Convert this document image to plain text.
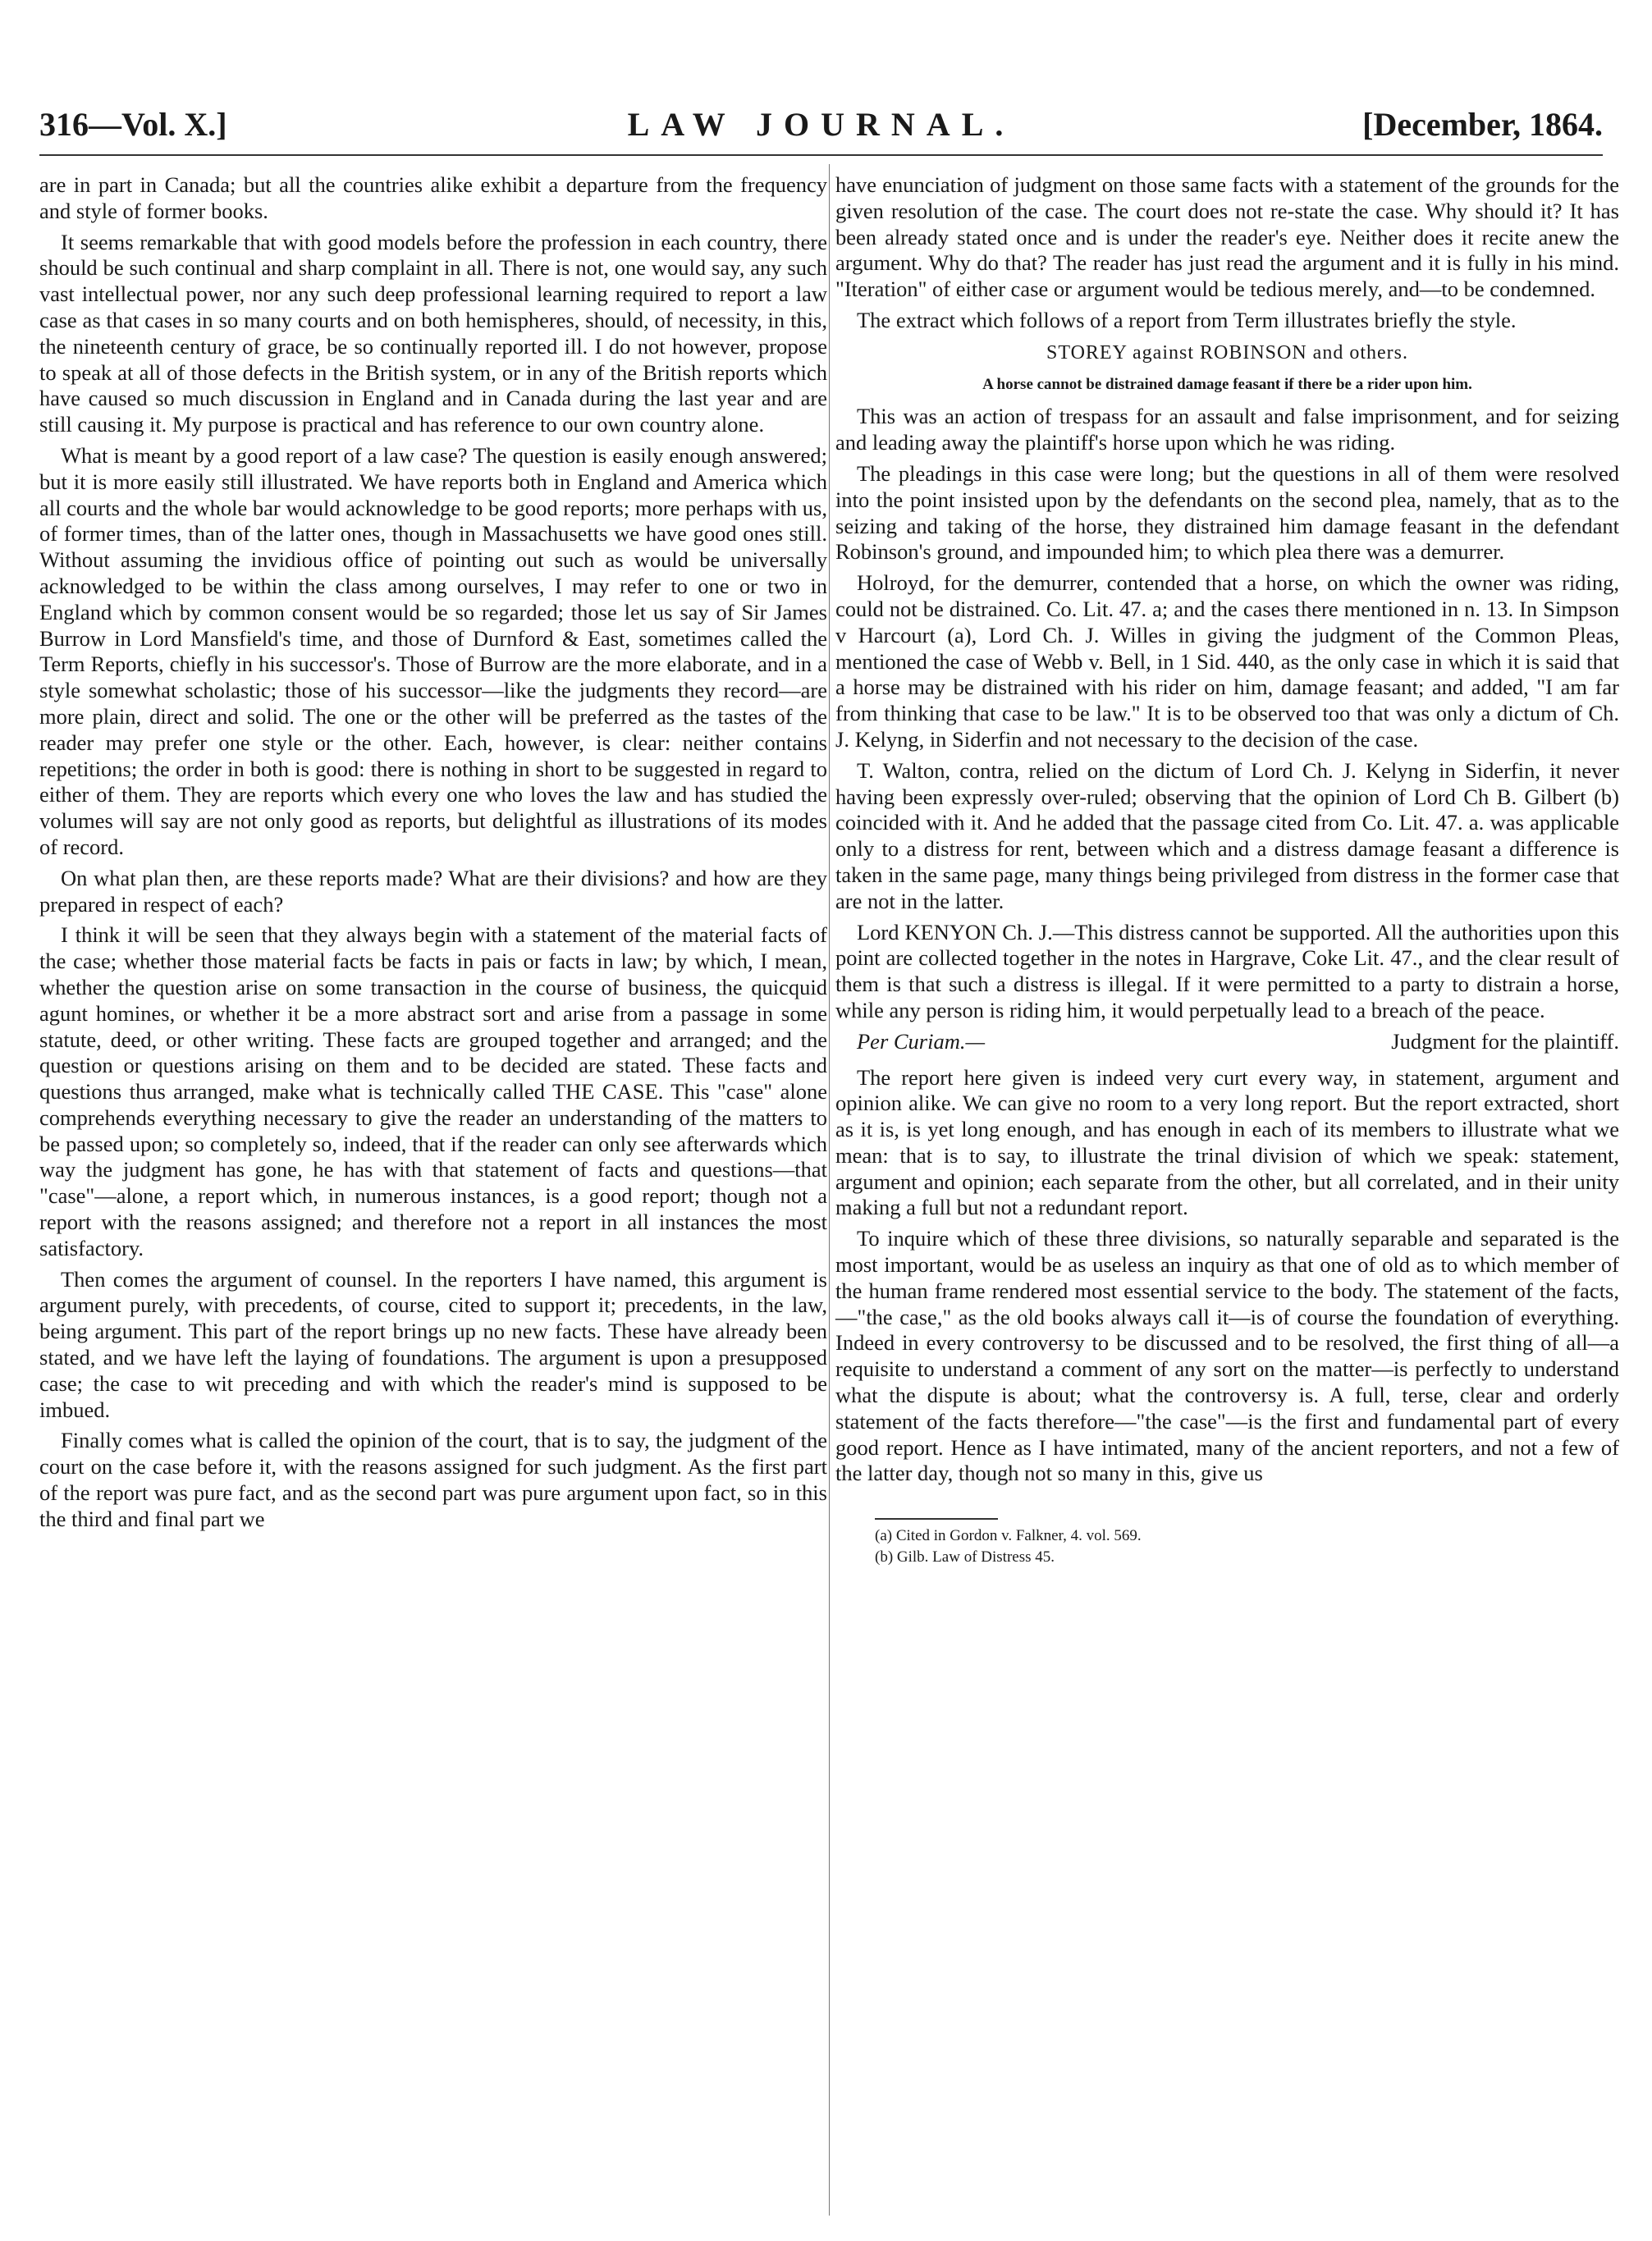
316—Vol. X.]	LAW JOURNAL.	[December, 1864.

are in part in Canada; but all the countries alike exhibit a departure from the frequency and style of former books.

It seems remarkable that with good models before the profession in each country, there should be such continual and sharp complaint in all. There is not, one would say, any such vast intellectual power, nor any such deep professional learning required to report a law case as that cases in so many courts and on both hemispheres, should, of necessity, in this, the nineteenth century of grace, be so continually reported ill. I do not however, propose to speak at all of those defects in the British system, or in any of the British reports which have caused so much discussion in England and in Canada during the last year and are still causing it. My purpose is practical and has reference to our own country alone.

What is meant by a good report of a law case? The question is easily enough answered; but it is more easily still illustrated. We have reports both in England and America which all courts and the whole bar would acknowledge to be good reports; more perhaps with us, of former times, than of the latter ones, though in Massachusetts we have good ones still. Without assuming the invidious office of pointing out such as would be universally acknowledged to be within the class among ourselves, I may refer to one or two in England which by common consent would be so regarded; those let us say of Sir James Burrow in Lord Mansfield's time, and those of Durnford & East, sometimes called the Term Reports, chiefly in his successor's. Those of Burrow are the more elaborate, and in a style somewhat scholastic; those of his successor—like the judgments they record—are more plain, direct and solid. The one or the other will be preferred as the tastes of the reader may prefer one style or the other. Each, however, is clear: neither contains repetitions; the order in both is good: there is nothing in short to be suggested in regard to either of them. They are reports which every one who loves the law and has studied the volumes will say are not only good as reports, but delightful as illustrations of its modes of record.

On what plan then, are these reports made? What are their divisions? and how are they prepared in respect of each?

I think it will be seen that they always begin with a statement of the material facts of the case; whether those material facts be facts in pais or facts in law; by which, I mean, whether the question arise on some transaction in the course of business, the quicquid agunt homines, or whether it be a more abstract sort and arise from a passage in some statute, deed, or other writing. These facts are grouped together and arranged; and the question or questions arising on them and to be decided are stated. These facts and questions thus arranged, make what is technically called THE CASE. This "case" alone comprehends everything necessary to give the reader an understanding of the matters to be passed upon; so completely so, indeed, that if the reader can only see afterwards which way the judgment has gone, he has with that statement of facts and questions—that "case"—alone, a report which, in numerous instances, is a good report; though not a report with the reasons assigned; and therefore not a report in all instances the most satisfactory.

Then comes the argument of counsel. In the reporters I have named, this argument is argument purely, with precedents, of course, cited to support it; precedents, in the law, being argument. This part of the report brings up no new facts. These have already been stated, and we have left the laying of foundations. The argument is upon a presupposed case; the case to wit preceding and with which the reader's mind is supposed to be imbued.

Finally comes what is called the opinion of the court, that is to say, the judgment of the court on the case before it, with the reasons assigned for such judgment. As the first part of the report was pure fact, and as the second part was pure argument upon fact, so in this the third and final part we

have enunciation of judgment on those same facts with a statement of the grounds for the given resolution of the case. The court does not re-state the case. Why should it? It has been already stated once and is under the reader's eye. Neither does it recite anew the argument. Why do that? The reader has just read the argument and it is fully in his mind. "Iteration" of either case or argument would be tedious merely, and—to be condemned.

The extract which follows of a report from Term illustrates briefly the style.

STOREY against ROBINSON and others.
A horse cannot be distrained damage feasant if there be a rider upon him.

This was an action of trespass for an assault and false imprisonment, and for seizing and leading away the plaintiff's horse upon which he was riding.

The pleadings in this case were long; but the questions in all of them were resolved into the point insisted upon by the defendants on the second plea, namely, that as to the seizing and taking of the horse, they distrained him damage feasant in the defendant Robinson's ground, and impounded him; to which plea there was a demurrer.

Holroyd, for the demurrer, contended that a horse, on which the owner was riding, could not be distrained. Co. Lit. 47. a; and the cases there mentioned in n. 13. In Simpson v Harcourt (a), Lord Ch. J. Willes in giving the judgment of the Common Pleas, mentioned the case of Webb v. Bell, in 1 Sid. 440, as the only case in which it is said that a horse may be distrained with his rider on him, damage feasant; and added, "I am far from thinking that case to be law." It is to be observed too that was only a dictum of Ch. J. Kelyng, in Siderfin and not necessary to the decision of the case.

T. Walton, contra, relied on the dictum of Lord Ch. J. Kelyng in Siderfin, it never having been expressly over-ruled; observing that the opinion of Lord Ch B. Gilbert (b) coincided with it. And he added that the passage cited from Co. Lit. 47. a. was applicable only to a distress for rent, between which and a distress damage feasant a difference is taken in the same page, many things being privileged from distress in the former case that are not in the latter.

Lord KENYON Ch. J.—This distress cannot be supported. All the authorities upon this point are collected together in the notes in Hargrave, Coke Lit. 47., and the clear result of them is that such a distress is illegal. If it were permitted to a party to distrain a horse, while any person is riding him, it would perpetually lead to a breach of the peace.

Per Curiam.—	Judgment for the plaintiff.

The report here given is indeed very curt every way, in statement, argument and opinion alike. We can give no room to a very long report. But the report extracted, short as it is, is yet long enough, and has enough in each of its members to illustrate what we mean: that is to say, to illustrate the trinal division of which we speak: statement, argument and opinion; each separate from the other, but all correlated, and in their unity making a full but not a redundant report.

To inquire which of these three divisions, so naturally separable and separated is the most important, would be as useless an inquiry as that one of old as to which member of the human frame rendered most essential service to the body. The statement of the facts,—"the case," as the old books always call it—is of course the foundation of everything. Indeed in every controversy to be discussed and to be resolved, the first thing of all—a requisite to understand a comment of any sort on the matter—is perfectly to understand what the dispute is about; what the controversy is. A full, terse, clear and orderly statement of the facts therefore—"the case"—is the first and fundamental part of every good report. Hence as I have intimated, many of the ancient reporters, and not a few of the latter day, though not so many in this, give us

(a) Cited in Gordon v. Falkner, 4. vol. 569.

(b) Gilb. Law of Distress 45.
